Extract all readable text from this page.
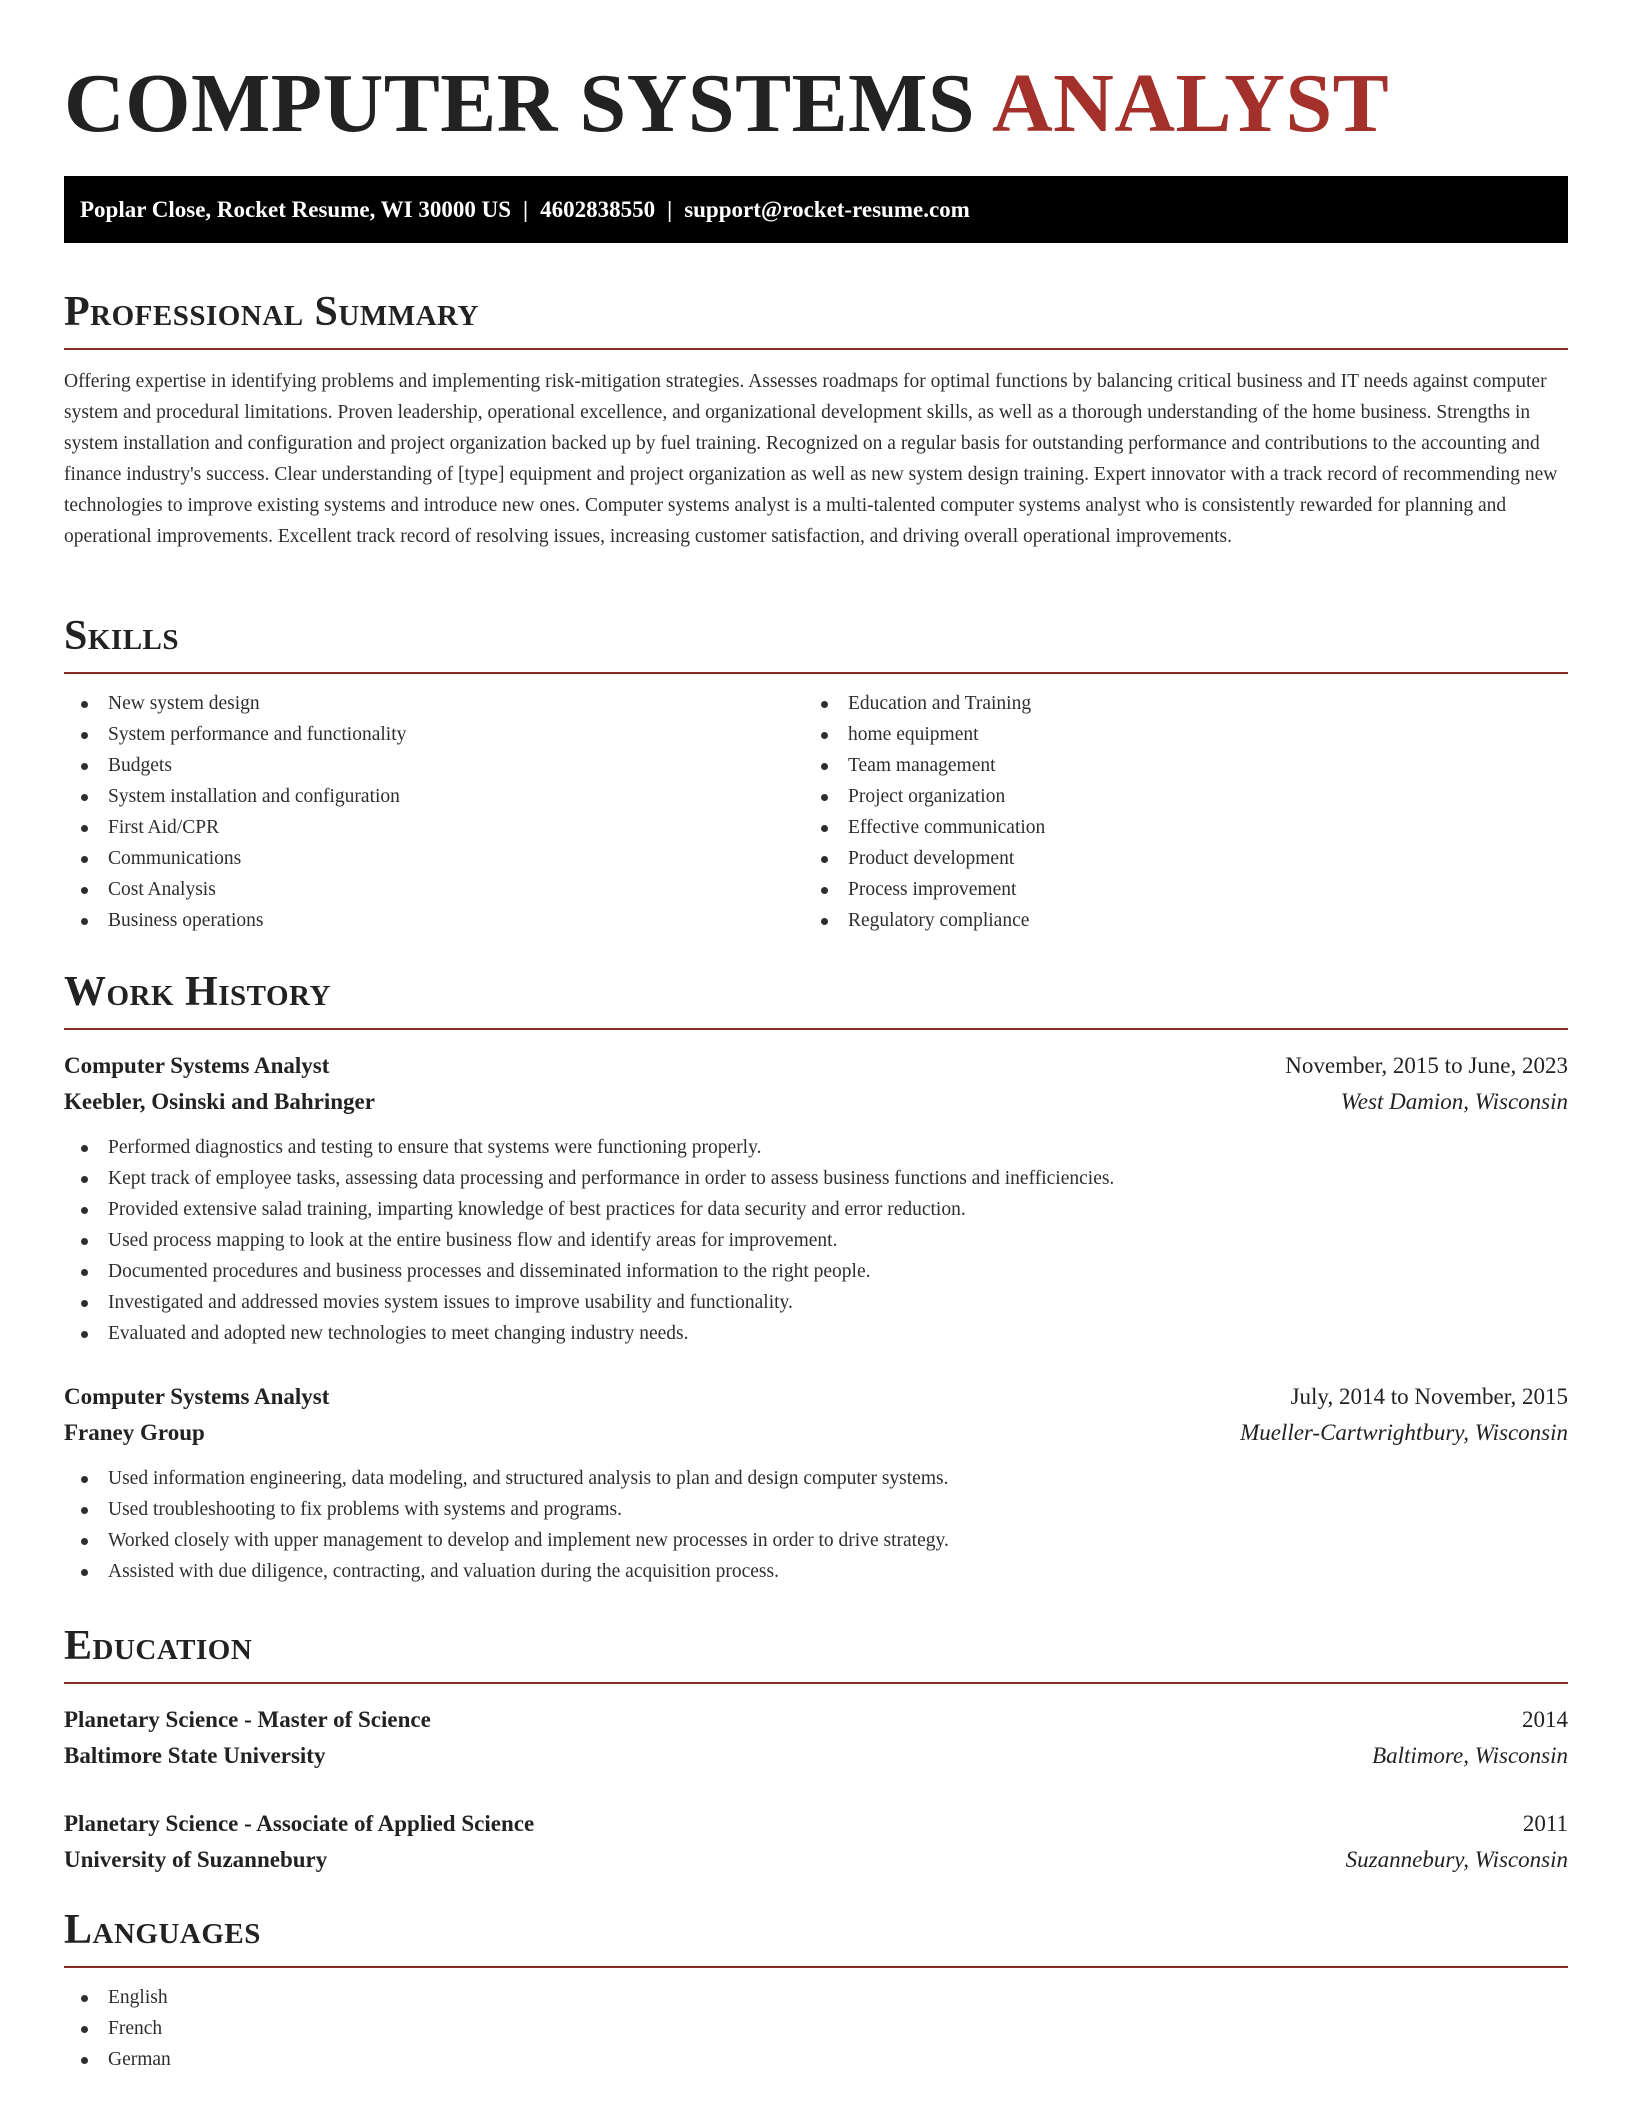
COMPUTER SYSTEMS ANALYST
Poplar Close, Rocket Resume, WI 30000 US | 4602838550 | support@rocket-resume.com
Professional Summary

Offering expertise in identifying problems and implementing risk-mitigation strategies. Assesses roadmaps for optimal functions by balancing critical business and IT needs against computer system and procedural limitations. Proven leadership, operational excellence, and organizational development skills, as well as a thorough understanding of the home business. Strengths in system installation and configuration and project organization backed up by fuel training. Recognized on a regular basis for outstanding performance and contributions to the accounting and finance industry's success. Clear understanding of [type] equipment and project organization as well as new system design training. Expert innovator with a track record of recommending new technologies to improve existing systems and introduce new ones. Computer systems analyst is a multi-talented computer systems analyst who is consistently rewarded for planning and operational improvements. Excellent track record of resolving issues, increasing customer satisfaction, and driving overall operational improvements.

Skills
New system design
System performance and functionality
Budgets
System installation and configuration
First Aid/CPR
Communications
Cost Analysis
Business operations
Education and Training
home equipment
Team management
Project organization
Effective communication
Product development
Process improvement
Regulatory compliance
Work History
Computer Systems Analyst	November, 2015 to June, 2023
Keebler, Osinski and Bahringer	West Damion, Wisconsin
Performed diagnostics and testing to ensure that systems were functioning properly.
Kept track of employee tasks, assessing data processing and performance in order to assess business functions and inefficiencies.
Provided extensive salad training, imparting knowledge of best practices for data security and error reduction.
Used process mapping to look at the entire business flow and identify areas for improvement.
Documented procedures and business processes and disseminated information to the right people.
Investigated and addressed movies system issues to improve usability and functionality.
Evaluated and adopted new technologies to meet changing industry needs.
Computer Systems Analyst	July, 2014 to November, 2015
Franey Group	Mueller-Cartwrightbury, Wisconsin
Used information engineering, data modeling, and structured analysis to plan and design computer systems.
Used troubleshooting to fix problems with systems and programs.
Worked closely with upper management to develop and implement new processes in order to drive strategy.
Assisted with due diligence, contracting, and valuation during the acquisition process.
Education
Planetary Science - Master of Science	2014
Baltimore State University	Baltimore, Wisconsin
Planetary Science - Associate of Applied Science	2011
University of Suzannebury	Suzannebury, Wisconsin
Languages
English
French
German
